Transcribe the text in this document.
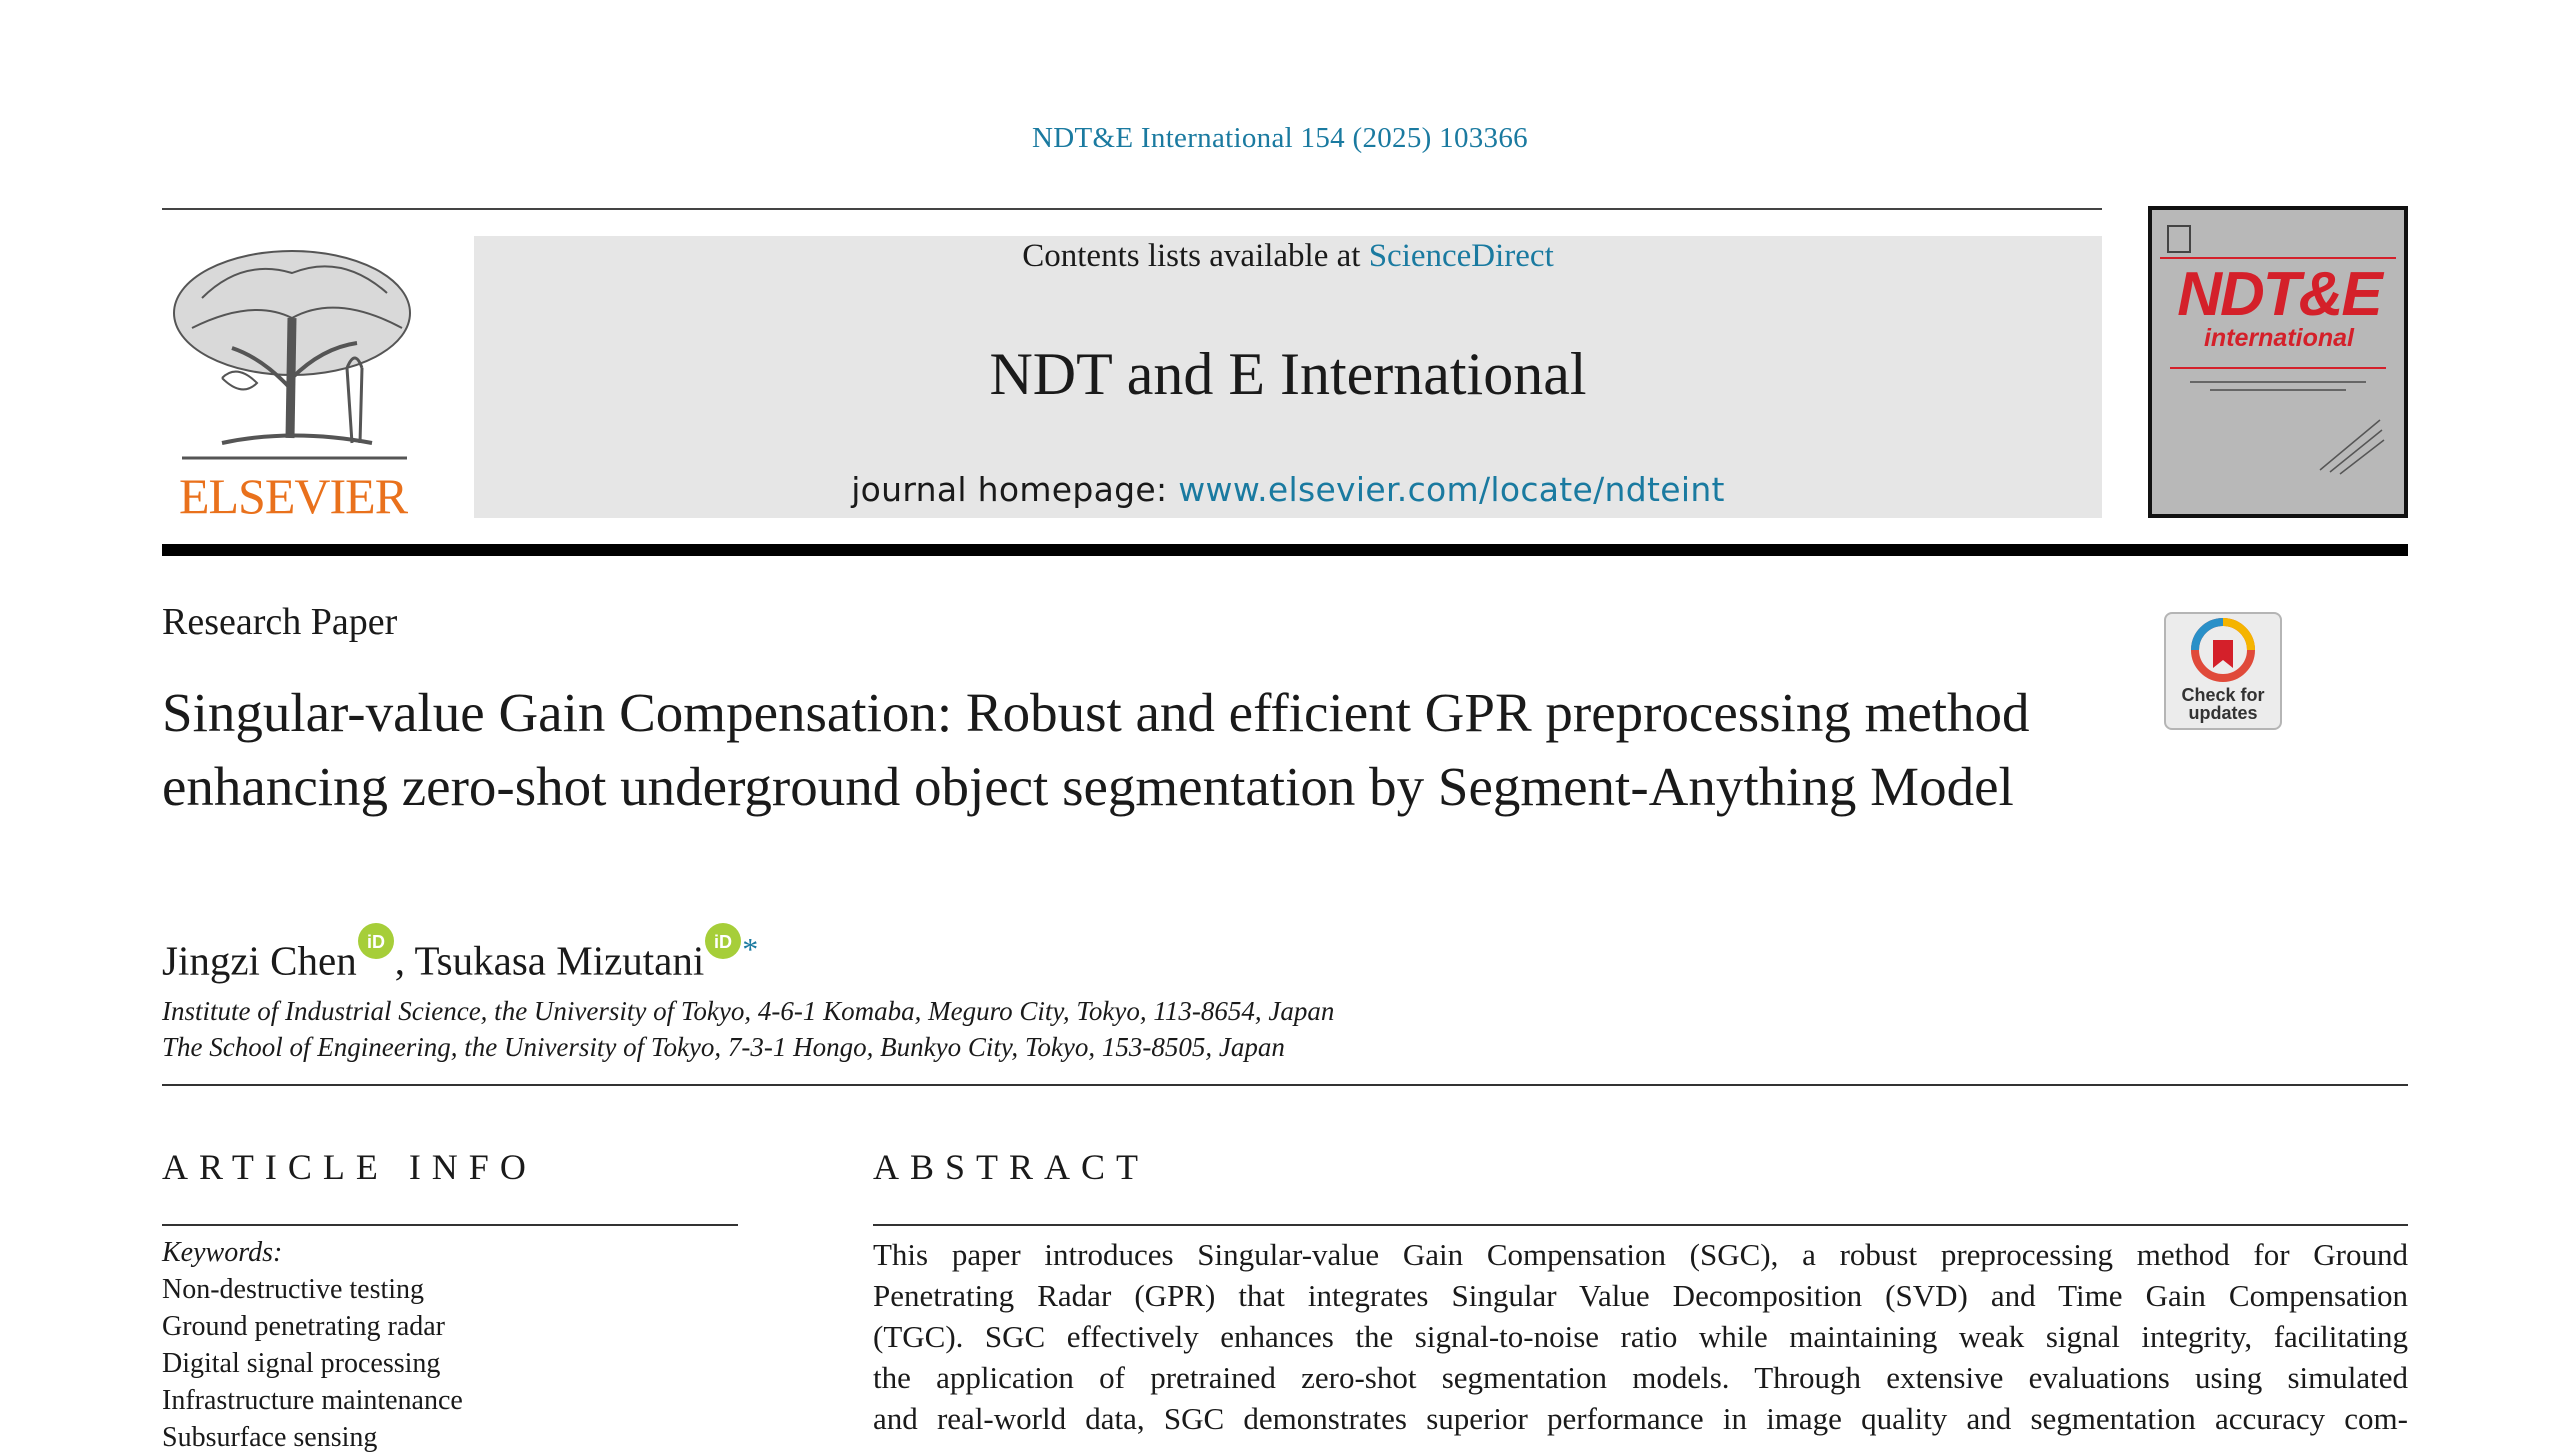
NDT&E International 154 (2025) 103366
ELSEVIER
Contents lists available at ScienceDirect
NDT and E International
journal homepage: www.elsevier.com/locate/ndteint
NDT&E
international
Research Paper
Check for updates
Singular-value Gain Compensation: Robust and efficient GPR preprocessing method enhancing zero-shot underground object segmentation by Segment-Anything Model
Jingzi Chen iD , Tsukasa Mizutani iD *
Institute of Industrial Science, the University of Tokyo, 4-6-1 Komaba, Meguro City, Tokyo, 113-8654, Japan
The School of Engineering, the University of Tokyo, 7-3-1 Hongo, Bunkyo City, Tokyo, 153-8505, Japan
ARTICLE INFO
Keywords:
Non-destructive testing
Ground penetrating radar
Digital signal processing
Infrastructure maintenance
Subsurface sensing
ABSTRACT
This paper introduces Singular-value Gain Compensation (SGC), a robust preprocessing method for Ground
Penetrating Radar (GPR) that integrates Singular Value Decomposition (SVD) and Time Gain Compensation
(TGC). SGC effectively enhances the signal-to-noise ratio while maintaining weak signal integrity, facilitating
the application of pretrained zero-shot segmentation models. Through extensive evaluations using simulated
and real-world data, SGC demonstrates superior performance in image quality and segmentation accuracy com-
